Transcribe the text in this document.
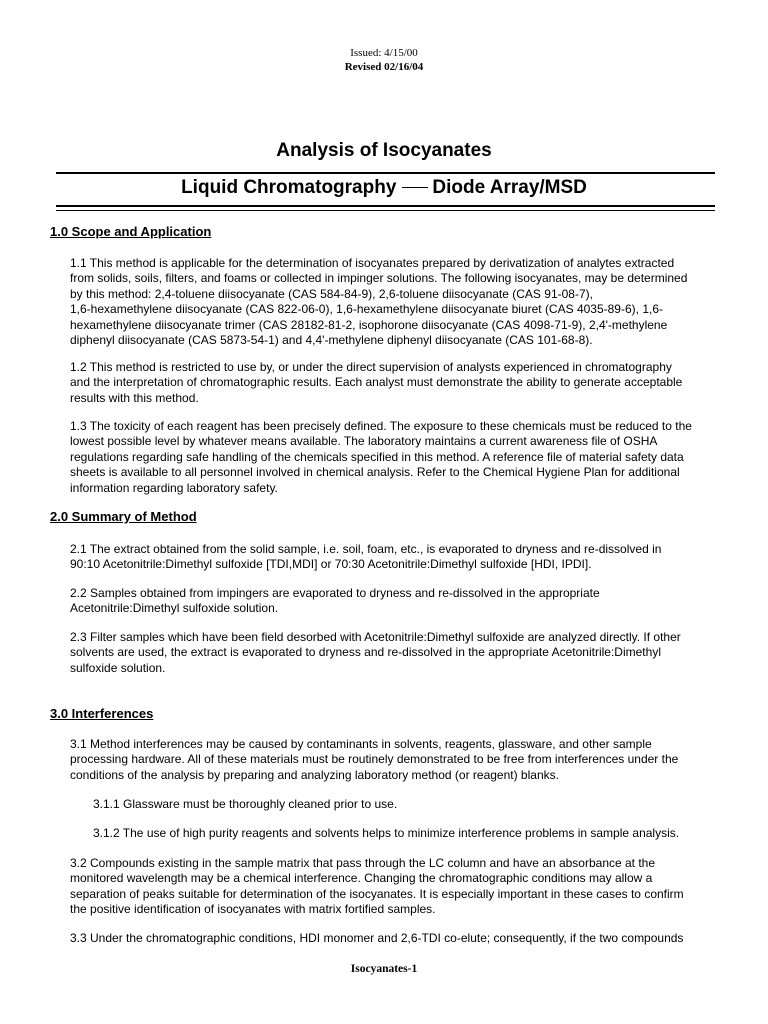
Issued: 4/15/00
Revised 02/16/04
Analysis of Isocyanates
Liquid Chromatography Diode Array/MSD
1.0 Scope and Application
1.1 This method is applicable for the determination of isocyanates prepared by derivatization of analytes extracted
from solids, soils, filters, and foams or collected in impinger solutions. The following isocyanates, may be determined
by this method: 2,4-toluene diisocyanate (CAS 584-84-9), 2,6-toluene diisocyanate (CAS 91-08-7),
1,6-hexamethylene diisocyanate (CAS 822-06-0), 1,6-hexamethylene diisocyanate biuret (CAS 4035-89-6), 1,6-
hexamethylene diisocyanate trimer (CAS 28182-81-2, isophorone diisocyanate (CAS 4098-71-9), 2,4'-methylene
diphenyl diisocyanate (CAS 5873-54-1) and 4,4'-methylene diphenyl diisocyanate (CAS 101-68-8).
1.2 This method is restricted to use by, or under the direct supervision of analysts experienced in chromatography
and the interpretation of chromatographic results. Each analyst must demonstrate the ability to generate acceptable
results with this method.
1.3 The toxicity of each reagent has been precisely defined. The exposure to these chemicals must be reduced to the
lowest possible level by whatever means available. The laboratory maintains a current awareness file of OSHA
regulations regarding safe handling of the chemicals specified in this method. A reference file of material safety data
sheets is available to all personnel involved in chemical analysis. Refer to the Chemical Hygiene Plan for additional
information regarding laboratory safety.
2.0 Summary of Method
2.1 The extract obtained from the solid sample, i.e. soil, foam, etc., is evaporated to dryness and re-dissolved in
90:10 Acetonitrile:Dimethyl sulfoxide [TDI,MDI] or 70:30 Acetonitrile:Dimethyl sulfoxide [HDI, IPDI].
2.2 Samples obtained from impingers are evaporated to dryness and re-dissolved in the appropriate
Acetonitrile:Dimethyl sulfoxide solution.
2.3 Filter samples which have been field desorbed with Acetonitrile:Dimethyl sulfoxide are analyzed directly. If other
solvents are used, the extract is evaporated to dryness and re-dissolved in the appropriate Acetonitrile:Dimethyl
sulfoxide solution.
3.0 Interferences
3.1 Method interferences may be caused by contaminants in solvents, reagents, glassware, and other sample
processing hardware. All of these materials must be routinely demonstrated to be free from interferences under the
conditions of the analysis by preparing and analyzing laboratory method (or reagent) blanks.
3.1.1 Glassware must be thoroughly cleaned prior to use.
3.1.2 The use of high purity reagents and solvents helps to minimize interference problems in sample analysis.
3.2 Compounds existing in the sample matrix that pass through the LC column and have an absorbance at the
monitored wavelength may be a chemical interference. Changing the chromatographic conditions may allow a
separation of peaks suitable for determination of the isocyanates. It is especially important in these cases to confirm
the positive identification of isocyanates with matrix fortified samples.
3.3 Under the chromatographic conditions, HDI monomer and 2,6-TDI co-elute; consequently, if the two compounds
Isocyanates-1
